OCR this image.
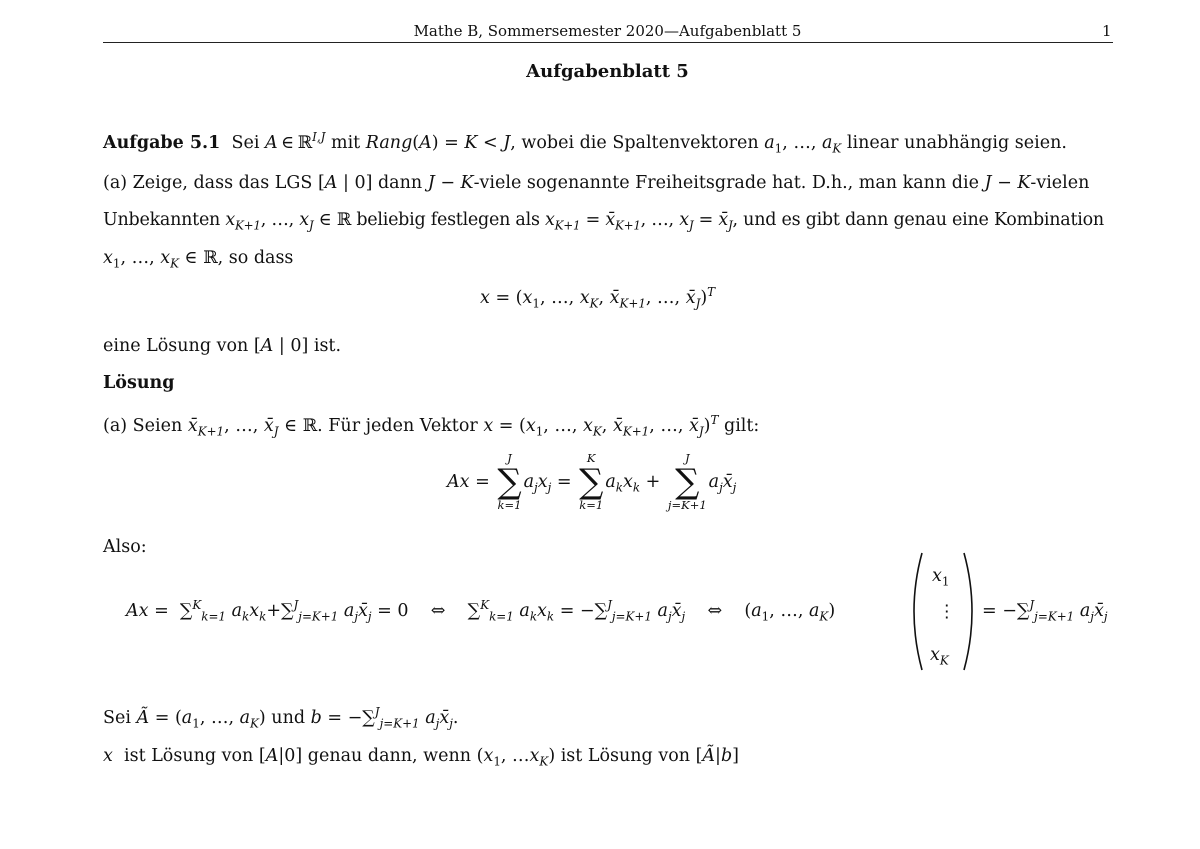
Mathe B, Sommersemester 2020—Aufgabenblatt 5	1
Aufgabenblatt 5
Aufgabe 5.1 Sei A ∈ ℝ$^{I,J}$ mit Rang(A) = K < J, wobei die Spaltenvektoren $a_1$, …, $a_K$ linear unabhängig seien.
(a) Zeige, dass das LGS [A | 0] dann J − K-viele sogenannte Freiheitsgrade hat. D.h., man kann die J − K-vielen
Unbekannten $x_{K+1}$, …, $x_J$ ∈ ℝ beliebig festlegen als $x_{K+1}$ = $x̄_{K+1}$, …, $x_J$ = $x̄_J$, und es gibt dann genau eine Kombination
$x_1$, …, $x_K$ ∈ ℝ, so dass
$x = (x_1$, …, $x_K$, $x̄_{K+1}$, …, $x̄_J)^T$
eine Lösung von [A | 0] ist.
Lösung
(a) Seien $x̄_{K+1}$, …, $x̄_J$ ∈ ℝ. Für jeden Vektor $x = (x_1$, …, $x_K$, $x̄_{K+1}$, …, $x̄_J)^T$ gilt:
Ax =
J
∑
k=1
$a_jx_j$ =
K
∑
k=1
$a_kx_k$ +
J
∑
j=K+1
$a_jx̄_j$
Also:
Ax =  ∑$^K_{k=1}$ $a_kx_k+\sum^J_{j=K+1}$ $a_jx̄_j = 0$    ⇔    ∑$^K_{k=1}$ $a_kx_k = -\sum^J_{j=K+1}$ $a_jx̄_j$    ⇔    ($a_1$, …, $a_K$)
$x_1$
⋮
$x_K$
= −∑$^J_{j=K+1}$ $a_jx̄_j$
Sei Ã = ($a_1$, …, $a_K$) und b = −∑$^J_{j=K+1}$ $a_jx̄_j$.
x ist Lösung von [A|0] genau dann, wenn ($x_1$, $\dots x_K$) ist Lösung von [Ã|b]
